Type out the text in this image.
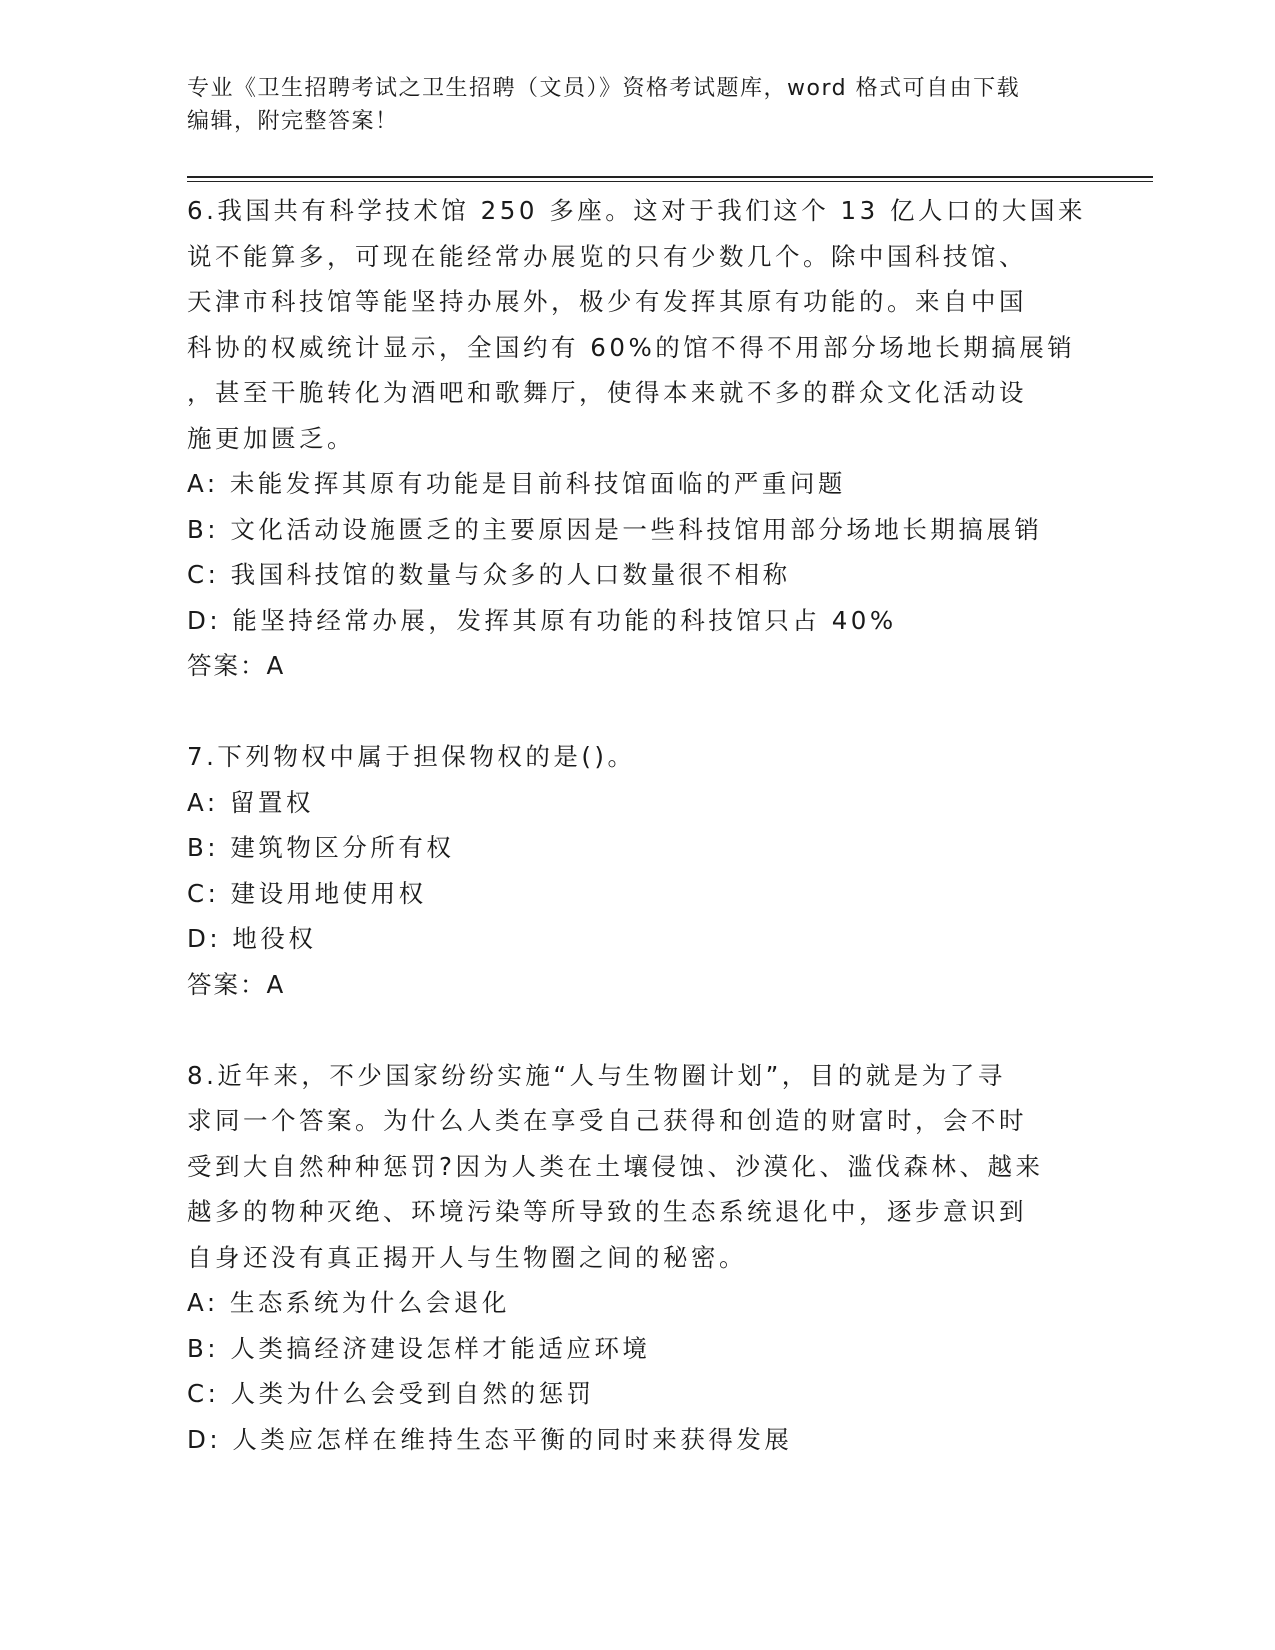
专业《卫生招聘考试之卫生招聘（文员）》资格考试题库，word 格式可自由下载
编辑，附完整答案！
6.我国共有科学技术馆 250 多座。这对于我们这个 13 亿人口的大国来
说不能算多，可现在能经常办展览的只有少数几个。除中国科技馆、
天津市科技馆等能坚持办展外，极少有发挥其原有功能的。来自中国
科协的权威统计显示，全国约有 60%的馆不得不用部分场地长期搞展销
，甚至干脆转化为酒吧和歌舞厅，使得本来就不多的群众文化活动设
施更加匮乏。
A: 未能发挥其原有功能是目前科技馆面临的严重问题
B: 文化活动设施匮乏的主要原因是一些科技馆用部分场地长期搞展销
C: 我国科技馆的数量与众多的人口数量很不相称
D: 能坚持经常办展，发挥其原有功能的科技馆只占 40%
答案：A
7.下列物权中属于担保物权的是()。
A: 留置权
B: 建筑物区分所有权
C: 建设用地使用权
D: 地役权
答案：A
8.近年来，不少国家纷纷实施“人与生物圈计划”，目的就是为了寻
求同一个答案。为什么人类在享受自己获得和创造的财富时，会不时
受到大自然种种惩罚?因为人类在土壤侵蚀、沙漠化、滥伐森林、越来
越多的物种灭绝、环境污染等所导致的生态系统退化中，逐步意识到
自身还没有真正揭开人与生物圈之间的秘密。
A: 生态系统为什么会退化
B: 人类搞经济建设怎样才能适应环境
C: 人类为什么会受到自然的惩罚
D: 人类应怎样在维持生态平衡的同时来获得发展
